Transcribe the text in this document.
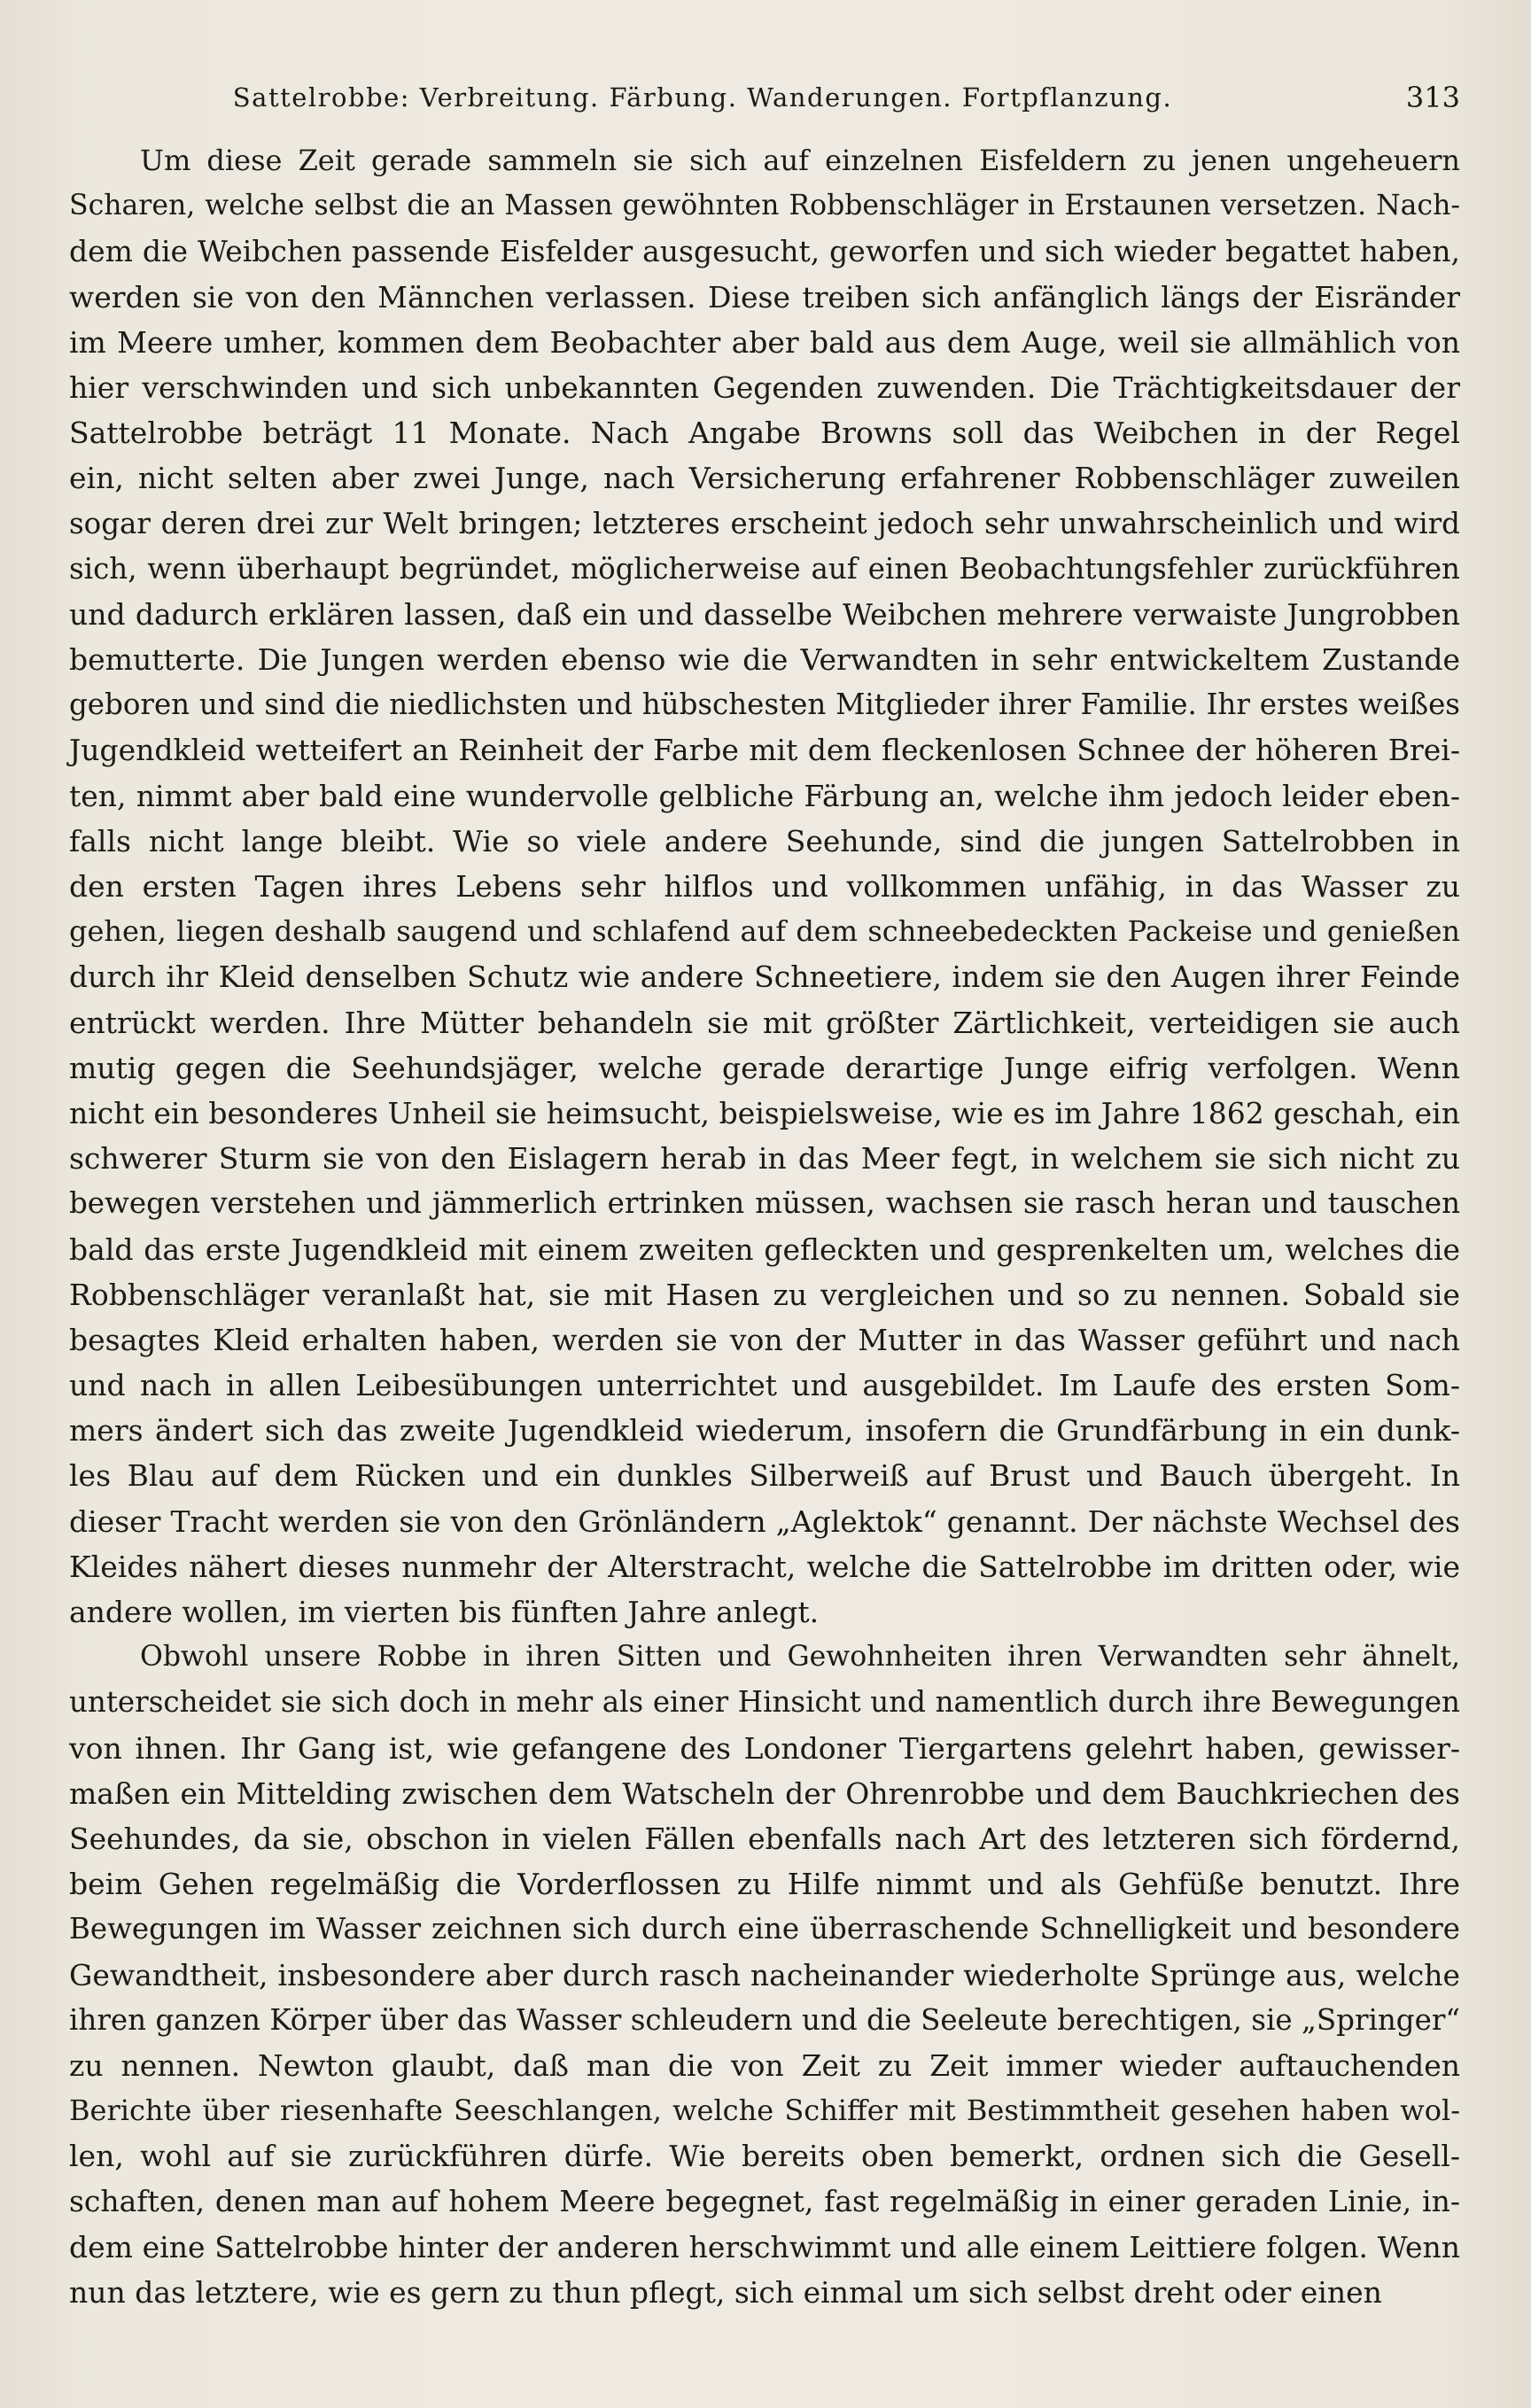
Sattelrobbe: Verbreitung. Färbung. Wanderungen. Fortpflanzung.	313
Um diese Zeit gerade sammeln sie sich auf einzelnen Eisfeldern zu jenen ungeheuern
Scharen, welche selbst die an Massen gewöhnten Robbenschläger in Erstaunen versetzen. Nach-
dem die Weibchen passende Eisfelder ausgesucht, geworfen und sich wieder begattet haben,
werden sie von den Männchen verlassen. Diese treiben sich anfänglich längs der Eisränder
im Meere umher, kommen dem Beobachter aber bald aus dem Auge, weil sie allmählich von
hier verschwinden und sich unbekannten Gegenden zuwenden. Die Trächtigkeitsdauer der
Sattelrobbe beträgt 11 Monate. Nach Angabe Browns soll das Weibchen in der Regel
ein, nicht selten aber zwei Junge, nach Versicherung erfahrener Robbenschläger zuweilen
sogar deren drei zur Welt bringen; letzteres erscheint jedoch sehr unwahrscheinlich und wird
sich, wenn überhaupt begründet, möglicherweise auf einen Beobachtungsfehler zurückführen
und dadurch erklären lassen, daß ein und dasselbe Weibchen mehrere verwaiste Jungrobben
bemutterte. Die Jungen werden ebenso wie die Verwandten in sehr entwickeltem Zustande
geboren und sind die niedlichsten und hübschesten Mitglieder ihrer Familie. Ihr erstes weißes
Jugendkleid wetteifert an Reinheit der Farbe mit dem fleckenlosen Schnee der höheren Brei-
ten, nimmt aber bald eine wundervolle gelbliche Färbung an, welche ihm jedoch leider eben-
falls nicht lange bleibt. Wie so viele andere Seehunde, sind die jungen Sattelrobben in
den ersten Tagen ihres Lebens sehr hilflos und vollkommen unfähig, in das Wasser zu
gehen, liegen deshalb saugend und schlafend auf dem schneebedeckten Packeise und genießen
durch ihr Kleid denselben Schutz wie andere Schneetiere, indem sie den Augen ihrer Feinde
entrückt werden. Ihre Mütter behandeln sie mit größter Zärtlichkeit, verteidigen sie auch
mutig gegen die Seehundsjäger, welche gerade derartige Junge eifrig verfolgen. Wenn
nicht ein besonderes Unheil sie heimsucht, beispielsweise, wie es im Jahre 1862 geschah, ein
schwerer Sturm sie von den Eislagern herab in das Meer fegt, in welchem sie sich nicht zu
bewegen verstehen und jämmerlich ertrinken müssen, wachsen sie rasch heran und tauschen
bald das erste Jugendkleid mit einem zweiten gefleckten und gesprenkelten um, welches die
Robbenschläger veranlaßt hat, sie mit Hasen zu vergleichen und so zu nennen. Sobald sie
besagtes Kleid erhalten haben, werden sie von der Mutter in das Wasser geführt und nach
und nach in allen Leibesübungen unterrichtet und ausgebildet. Im Laufe des ersten Som-
mers ändert sich das zweite Jugendkleid wiederum, insofern die Grundfärbung in ein dunk-
les Blau auf dem Rücken und ein dunkles Silberweiß auf Brust und Bauch übergeht. In
dieser Tracht werden sie von den Grönländern „Aglektok“ genannt. Der nächste Wechsel des
Kleides nähert dieses nunmehr der Alterstracht, welche die Sattelrobbe im dritten oder, wie
andere wollen, im vierten bis fünften Jahre anlegt.
Obwohl unsere Robbe in ihren Sitten und Gewohnheiten ihren Verwandten sehr ähnelt,
unterscheidet sie sich doch in mehr als einer Hinsicht und namentlich durch ihre Bewegungen
von ihnen. Ihr Gang ist, wie gefangene des Londoner Tiergartens gelehrt haben, gewisser-
maßen ein Mittelding zwischen dem Watscheln der Ohrenrobbe und dem Bauchkriechen des
Seehundes, da sie, obschon in vielen Fällen ebenfalls nach Art des letzteren sich fördernd,
beim Gehen regelmäßig die Vorderflossen zu Hilfe nimmt und als Gehfüße benutzt. Ihre
Bewegungen im Wasser zeichnen sich durch eine überraschende Schnelligkeit und besondere
Gewandtheit, insbesondere aber durch rasch nacheinander wiederholte Sprünge aus, welche
ihren ganzen Körper über das Wasser schleudern und die Seeleute berechtigen, sie „Springer“
zu nennen. Newton glaubt, daß man die von Zeit zu Zeit immer wieder auftauchenden
Berichte über riesenhafte Seeschlangen, welche Schiffer mit Bestimmtheit gesehen haben wol-
len, wohl auf sie zurückführen dürfe. Wie bereits oben bemerkt, ordnen sich die Gesell-
schaften, denen man auf hohem Meere begegnet, fast regelmäßig in einer geraden Linie, in-
dem eine Sattelrobbe hinter der anderen herschwimmt und alle einem Leittiere folgen. Wenn
nun das letztere, wie es gern zu thun pflegt, sich einmal um sich selbst dreht oder einen
